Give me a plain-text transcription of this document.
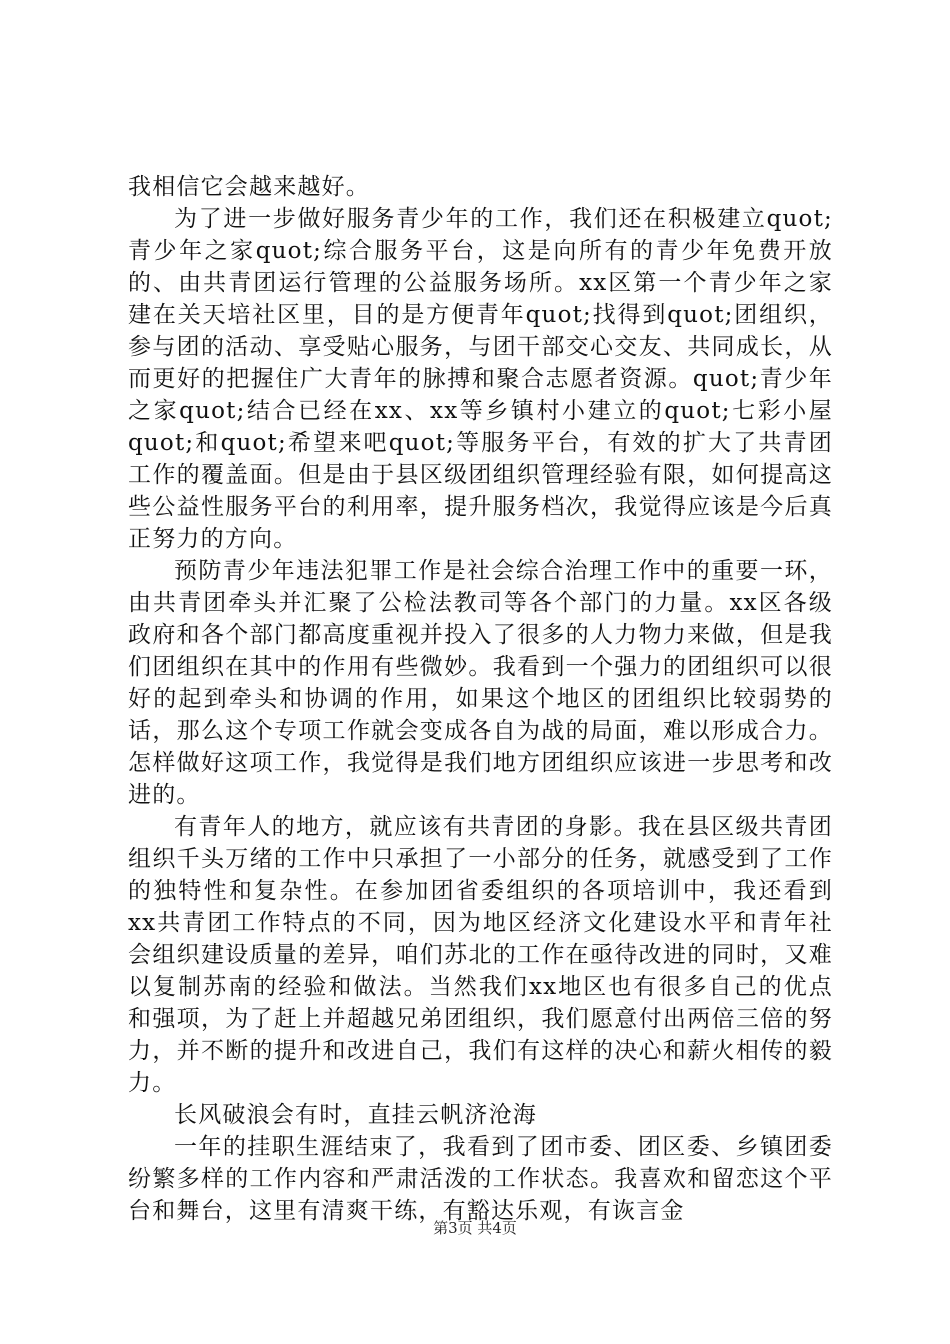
我相信它会越来越好。

为了进一步做好服务青少年的工作，我们还在积极建立quot;青少年之家quot;综合服务平台，这是向所有的青少年免费开放的、由共青团运行管理的公益服务场所。xx区第一个青少年之家建在关天培社区里，目的是方便青年quot;找得到quot;团组织，参与团的活动、享受贴心服务，与团干部交心交友、共同成长，从而更好的把握住广大青年的脉搏和聚合志愿者资源。quot;青少年之家quot;结合已经在xx、xx等乡镇村小建立的quot;七彩小屋quot;和quot;希望来吧quot;等服务平台，有效的扩大了共青团工作的覆盖面。但是由于县区级团组织管理经验有限，如何提高这些公益性服务平台的利用率，提升服务档次，我觉得应该是今后真正努力的方向。

预防青少年违法犯罪工作是社会综合治理工作中的重要一环，由共青团牵头并汇聚了公检法教司等各个部门的力量。xx区各级政府和各个部门都高度重视并投入了很多的人力物力来做，但是我们团组织在其中的作用有些微妙。我看到一个强力的团组织可以很好的起到牵头和协调的作用，如果这个地区的团组织比较弱势的话，那么这个专项工作就会变成各自为战的局面，难以形成合力。怎样做好这项工作，我觉得是我们地方团组织应该进一步思考和改进的。

有青年人的地方，就应该有共青团的身影。我在县区级共青团组织千头万绪的工作中只承担了一小部分的任务，就感受到了工作的独特性和复杂性。在参加团省委组织的各项培训中，我还看到xx共青团工作特点的不同，因为地区经济文化建设水平和青年社会组织建设质量的差异，咱们苏北的工作在亟待改进的同时，又难以复制苏南的经验和做法。当然我们xx地区也有很多自己的优点和强项，为了赶上并超越兄弟团组织，我们愿意付出两倍三倍的努力，并不断的提升和改进自己，我们有这样的决心和薪火相传的毅力。

长风破浪会有时，直挂云帆济沧海

一年的挂职生涯结束了，我看到了团市委、团区委、乡镇团委纷繁多样的工作内容和严肃活泼的工作状态。我喜欢和留恋这个平台和舞台，这里有清爽干练，有豁达乐观，有诙言金

第3页 共4页
